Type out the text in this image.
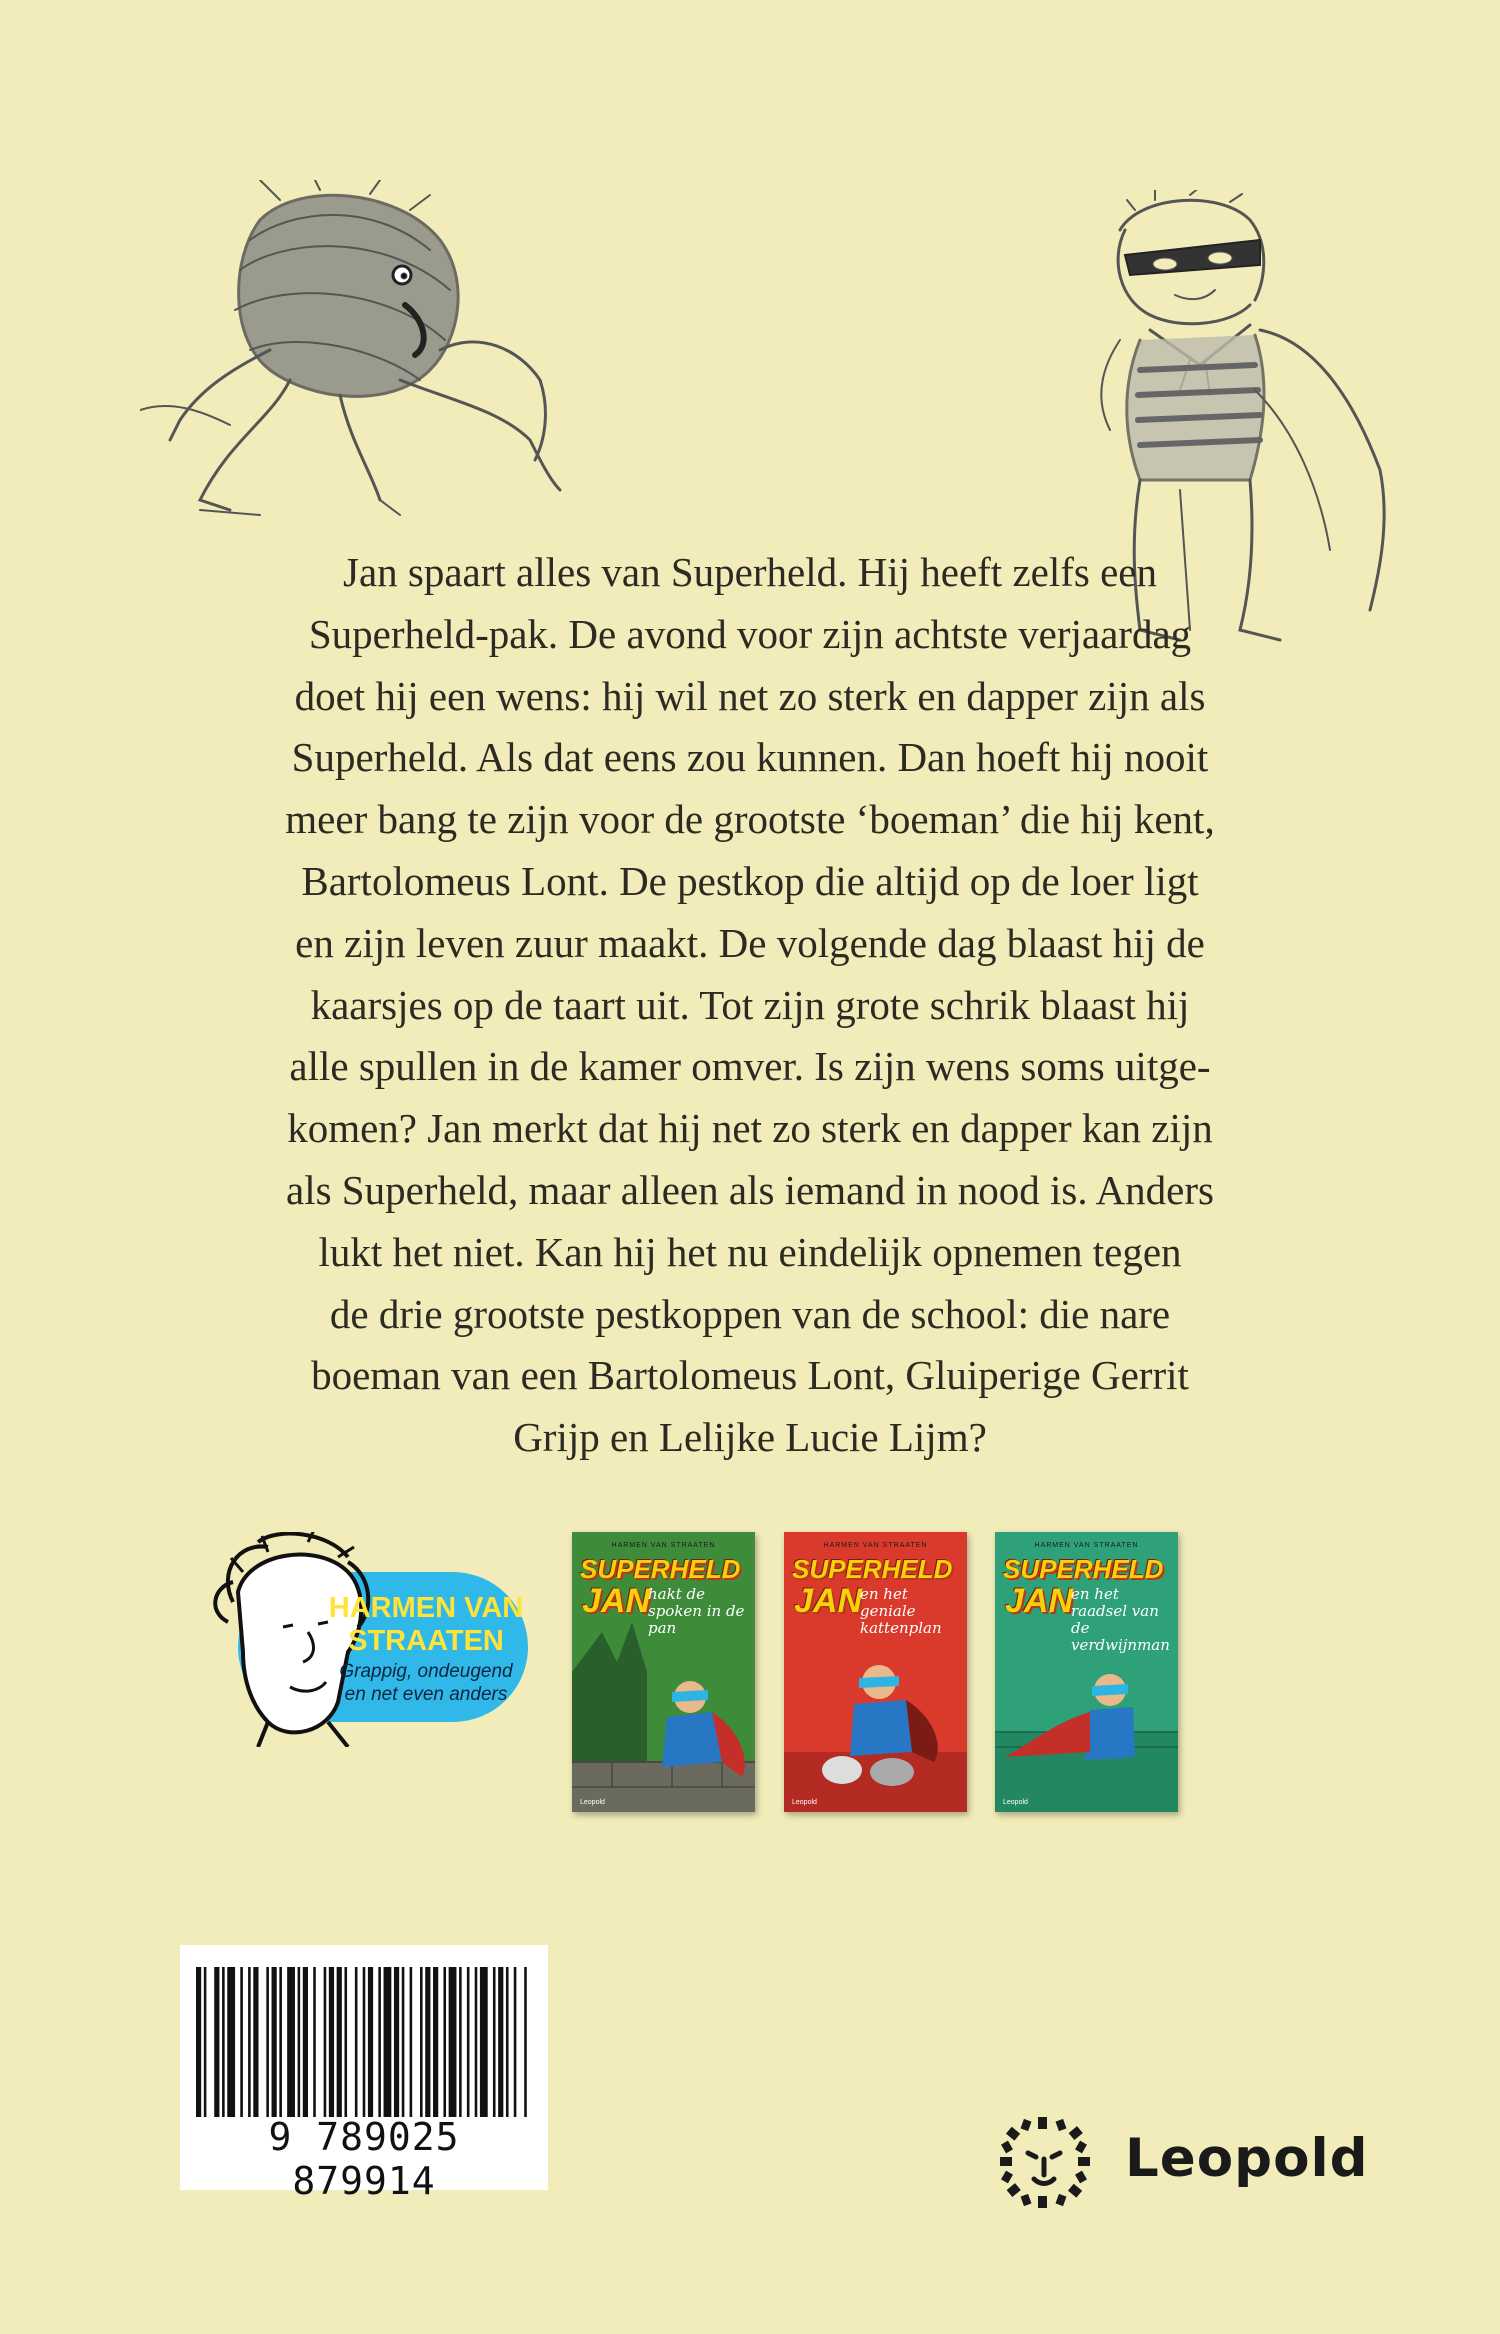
Jan spaart alles van Superheld. Hij heeft zelfs een
Superheld-pak. De avond voor zijn achtste verjaardag
doet hij een wens: hij wil net zo sterk en dapper zijn als
Superheld. Als dat eens zou kunnen. Dan hoeft hij nooit
meer bang te zijn voor de grootste ‘boeman’ die hij kent,
Bartolomeus Lont. De pestkop die altijd op de loer ligt
en zijn leven zuur maakt. De volgende dag blaast hij de
kaarsjes op de taart uit. Tot zijn grote schrik blaast hij
alle spullen in de kamer omver. Is zijn wens soms uitge-
komen? Jan merkt dat hij net zo sterk en dapper kan zijn
als Superheld, maar alleen als iemand in nood is. Anders
lukt het niet. Kan hij het nu eindelijk opnemen tegen
de drie grootste pestkoppen van de school: die nare
boeman van een Bartolomeus Lont, Gluiperige Gerrit
Grijp en Lelijke Lucie Lijm?
HARMEN VAN
STRAATEN
Grappig, ondeugend
en net even anders
HARMEN VAN STRAATEN
SUPERHELD
JAN
hakt de spoken in de pan
Leopold
HARMEN VAN STRAATEN
SUPERHELD
JAN
en het geniale kattenplan
Leopold
HARMEN VAN STRAATEN
SUPERHELD
JAN
en het raadsel van de verdwijnman
Leopold
9 789025 879914	Leopold
